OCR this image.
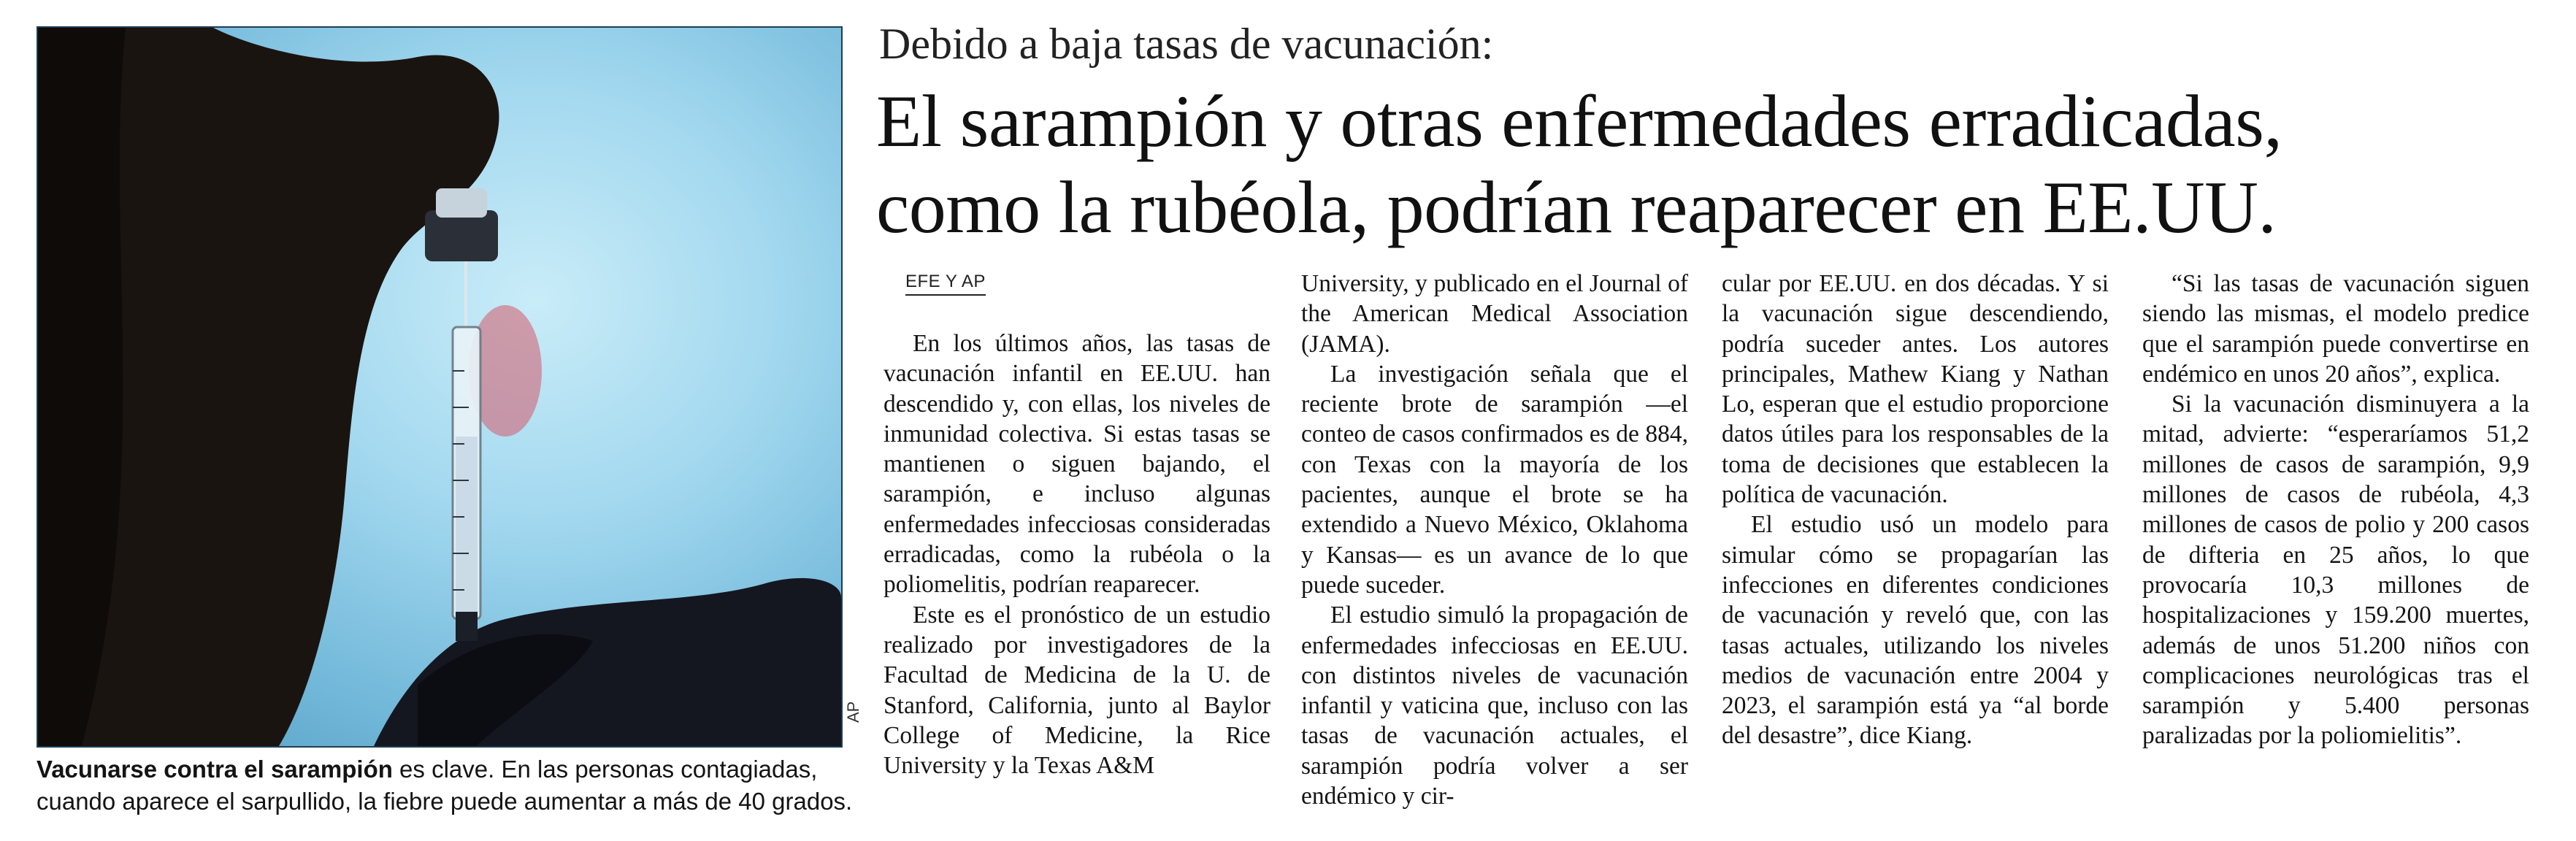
AP
Vacunarse contra el sarampión es clave. En las personas contagiadas,
cuando aparece el sarpullido, la fiebre puede aumentar a más de 40 grados.
Debido a baja tasas de vacunación:
El sarampión y otras enfermedades erradicadas,
como la rubéola, podrían reaparecer en EE.UU.
EFE Y AP

En los últimos años, las tasas de vacunación infantil en EE.UU. han descendido y, con ellas, los niveles de inmunidad colectiva. Si estas tasas se mantienen o siguen bajando, el sarampión, e incluso algunas enfermedades infecciosas consideradas erradicadas, como la rubéola o la poliomelitis, podrían reaparecer.

Este es el pronóstico de un estudio realizado por investigadores de la Facultad de Medicina de la U. de Stanford, California, junto al Baylor College of Medicine, la Rice University y la Texas A&M

University, y publicado en el Journal of the American Medical Association (JAMA).

La investigación señala que el reciente brote de sarampión —el conteo de casos confirmados es de 884, con Texas con la mayoría de los pacientes, aunque el brote se ha extendido a Nuevo México, Oklahoma y Kansas— es un avance de lo que puede suceder.

El estudio simuló la propagación de enfermedades infecciosas en EE.UU. con distintos niveles de vacunación infantil y vaticina que, incluso con las tasas de vacunación actuales, el sarampión podría volver a ser endémico y cir-

cular por EE.UU. en dos décadas. Y si la vacunación sigue descendiendo, podría suceder antes. Los autores principales, Mathew Kiang y Nathan Lo, esperan que el estudio proporcione datos útiles para los responsables de la toma de decisiones que establecen la política de vacunación.

El estudio usó un modelo para simular cómo se propagarían las infecciones en diferentes condiciones de vacunación y reveló que, con las tasas actuales, utilizando los niveles medios de vacunación entre 2004 y 2023, el sarampión está ya “al borde del desastre”, dice Kiang.

“Si las tasas de vacunación siguen siendo las mismas, el modelo predice que el sarampión puede convertirse en endémico en unos 20 años”, explica.

Si la vacunación disminuyera a la mitad, advierte: “esperaríamos 51,2 millones de casos de sarampión, 9,9 millones de casos de rubéola, 4,3 millones de casos de polio y 200 casos de difteria en 25 años, lo que provocaría 10,3 millones de hospitalizaciones y 159.200 muertes, además de unos 51.200 niños con complicaciones neurológicas tras el sarampión y 5.400 personas paralizadas por la poliomielitis”.
